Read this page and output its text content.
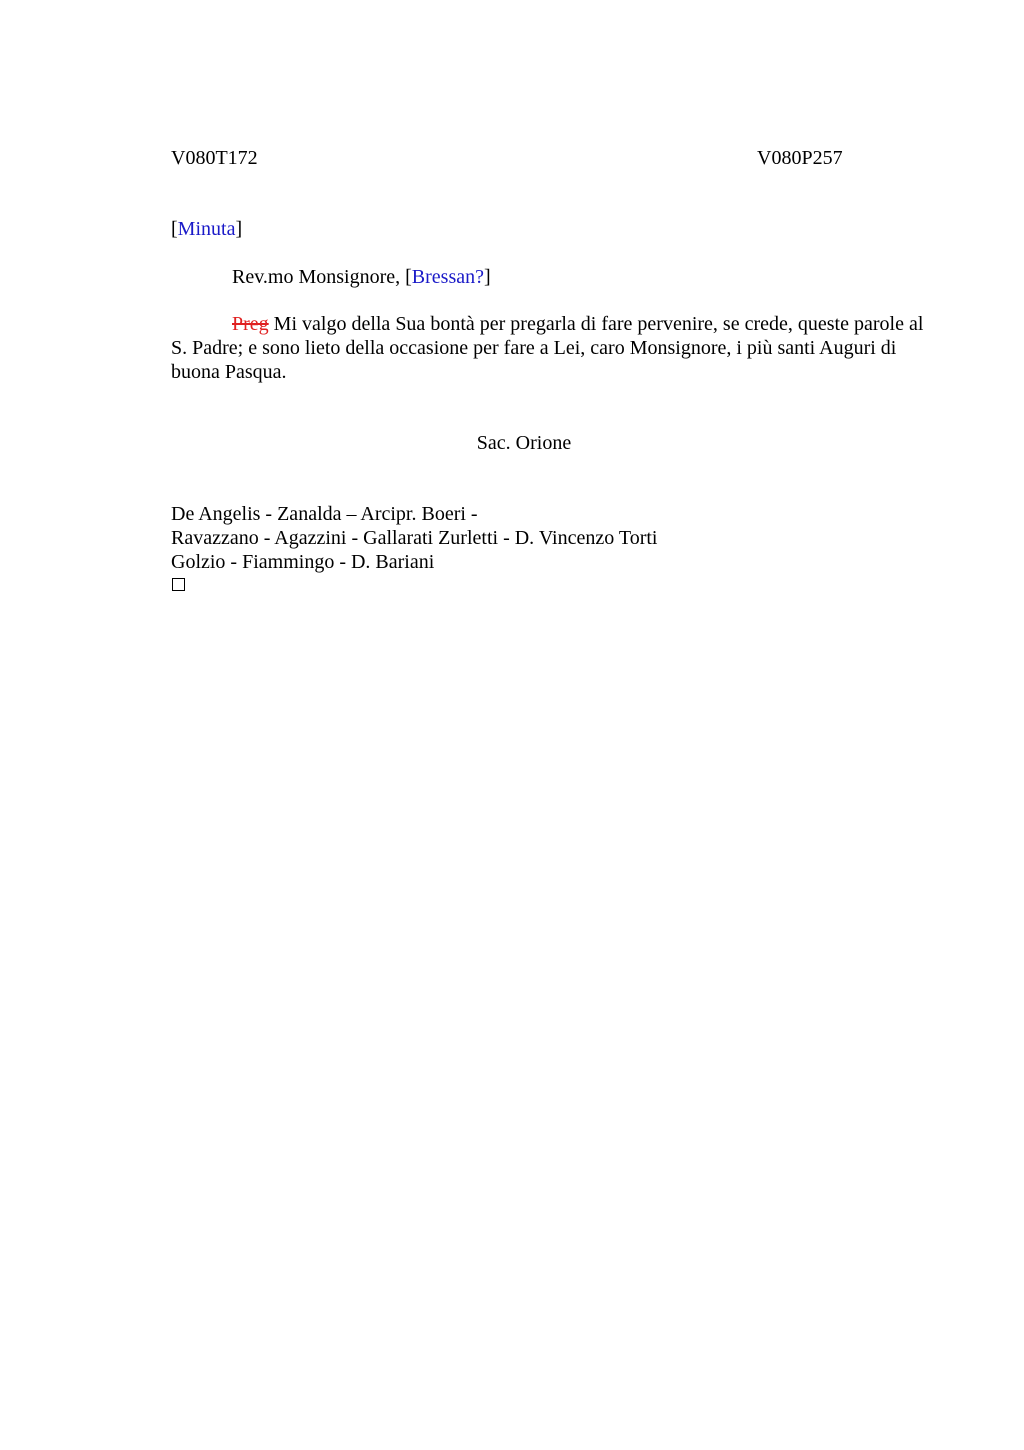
V080T172	V080P257
[Minuta]
Rev.mo Monsignore, [Bressan?]
Preg Mi valgo della Sua bontà per pregarla di fare pervenire, se crede, queste parole al S. Padre; e sono lieto della occasione per fare a Lei, caro Monsignore, i più santi Auguri di buona Pasqua.
Sac. Orione
De Angelis - Zanalda – Arcipr. Boeri -
Ravazzano - Agazzini - Gallarati Zurletti - D. Vincenzo Torti
Golzio - Fiammingo - D. Bariani
